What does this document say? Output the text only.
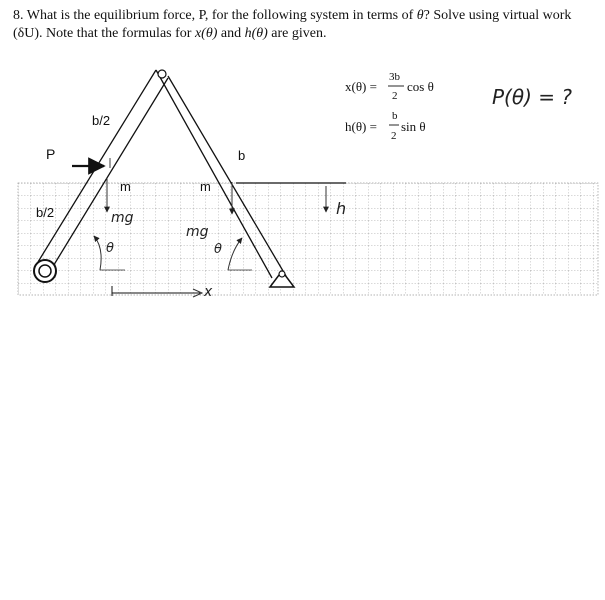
8. What is the equilibrium force, P, for the following system in terms of θ? Solve using virtual work (δU). Note that the formulas for x(θ) and h(θ) are given.
b/2
b/2
b
P
m	m
x(θ) =
3b
2
cos θ
h(θ) =
b
2
sin θ
P(θ) = ?
mg
mg
θ	θ
h
x
